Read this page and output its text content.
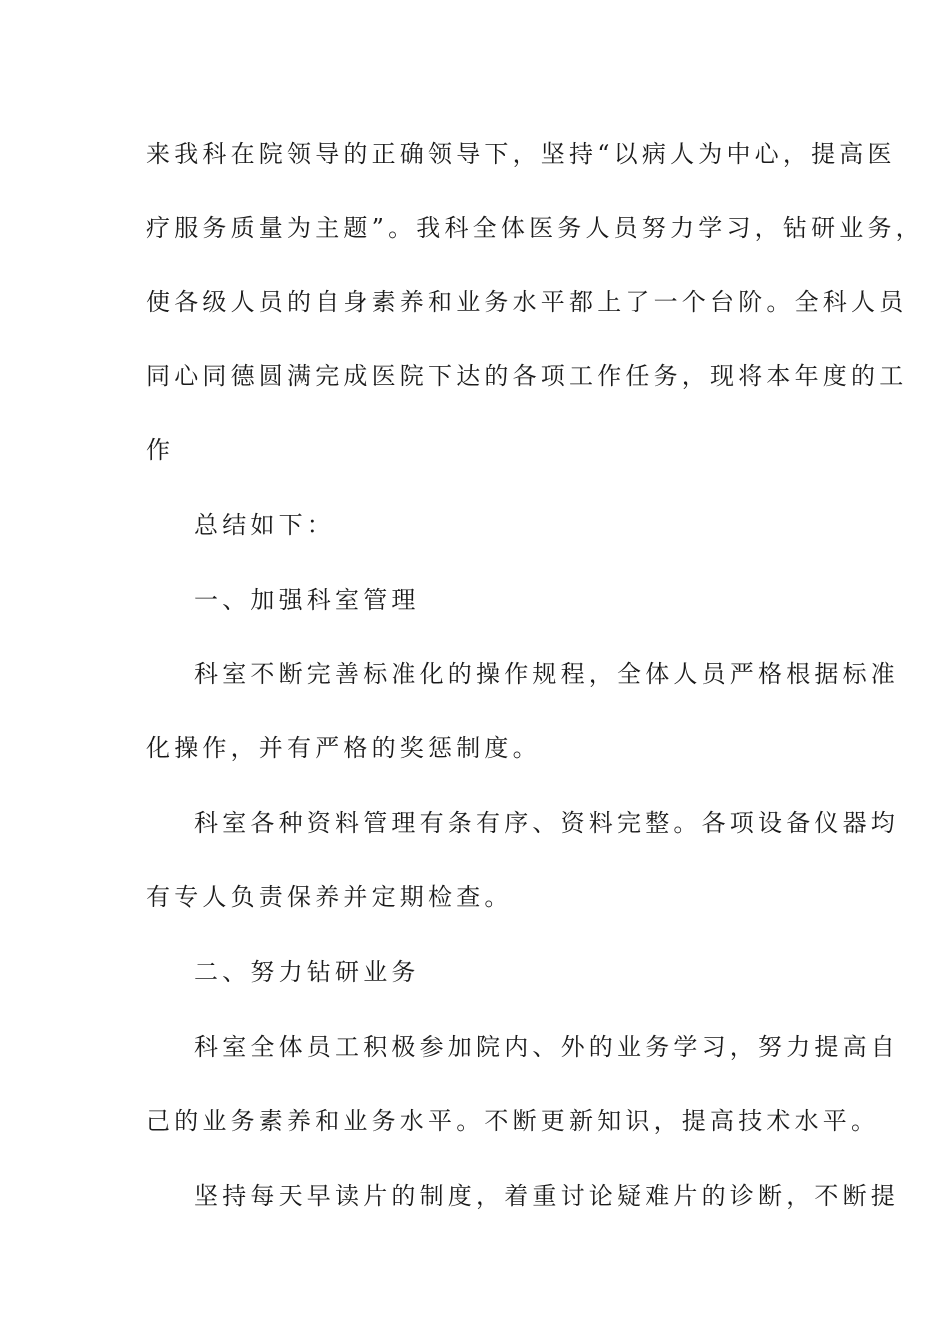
来我科在院领导的正确领导下，坚持“以病人为中心，提高医
疗服务质量为主题”。我科全体医务人员努力学习，钻研业务，
使各级人员的自身素养和业务水平都上了一个台阶。全科人员
同心同德圆满完成医院下达的各项工作任务，现将本年度的工
作
总结如下：
一、加强科室管理
科室不断完善标准化的操作规程，全体人员严格根据标准
化操作，并有严格的奖惩制度。
科室各种资料管理有条有序、资料完整。各项设备仪器均
有专人负责保养并定期检查。
二、努力钻研业务
科室全体员工积极参加院内、外的业务学习，努力提高自
己的业务素养和业务水平。不断更新知识，提高技术水平。
坚持每天早读片的制度，着重讨论疑难片的诊断，不断提
